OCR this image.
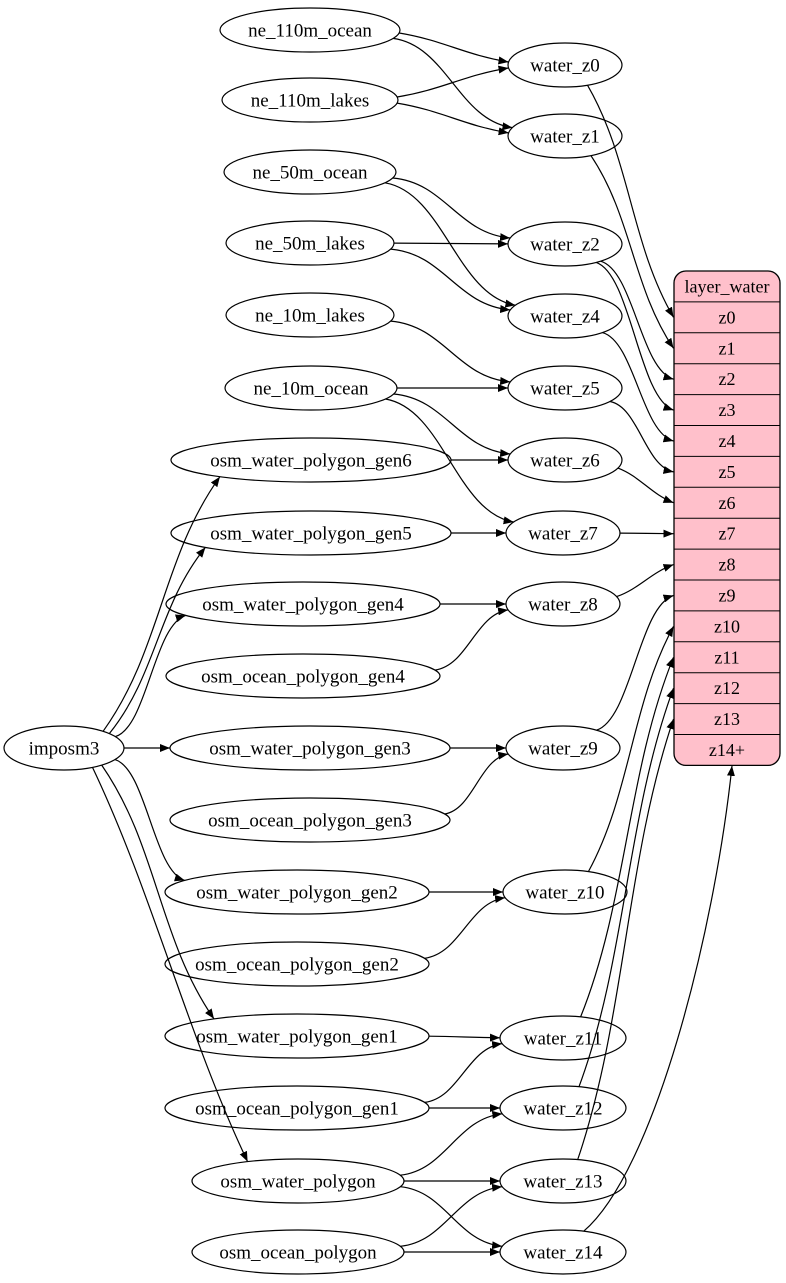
layer_water
z0
z1
z2
z3
z4
z5
z6
z7
z8
z9
z10
z11
z12
z13
z14+
ne_110m_ocean
ne_110m_lakes
ne_50m_ocean
ne_50m_lakes
ne_10m_lakes
ne_10m_ocean
osm_water_polygon_gen6
osm_water_polygon_gen5
osm_water_polygon_gen4
osm_ocean_polygon_gen4
osm_water_polygon_gen3
osm_ocean_polygon_gen3
osm_water_polygon_gen2
osm_ocean_polygon_gen2
osm_water_polygon_gen1
osm_ocean_polygon_gen1
osm_water_polygon
osm_ocean_polygon
imposm3
water_z0
water_z1
water_z2
water_z4
water_z5
water_z6
water_z7
water_z8
water_z9
water_z10
water_z11
water_z12
water_z13
water_z14
